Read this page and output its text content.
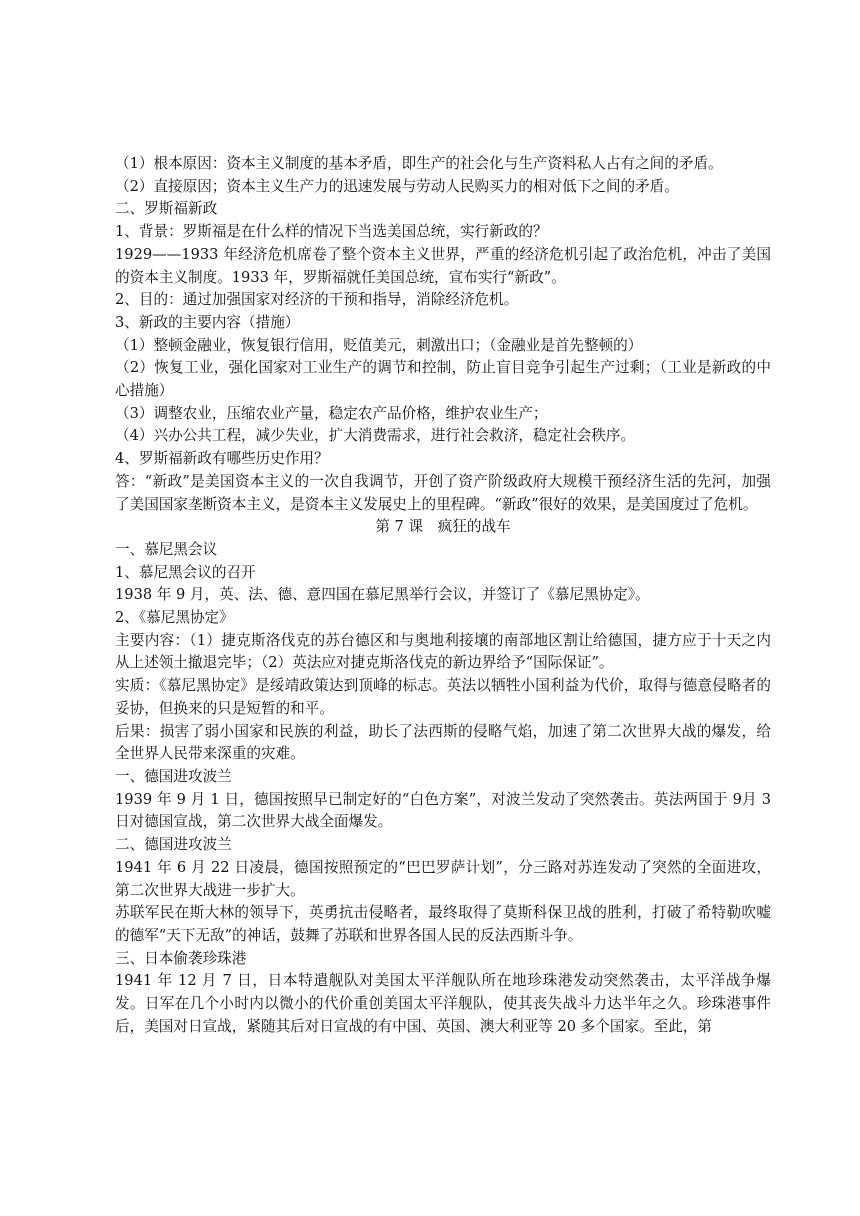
（1）根本原因：资本主义制度的基本矛盾，即生产的社会化与生产资料私人占有之间的矛盾。

（2）直接原因；资本主义生产力的迅速发展与劳动人民购买力的相对低下之间的矛盾。

二、罗斯福新政

1、背景：罗斯福是在什么样的情况下当选美国总统，实行新政的？

1929——1933 年经济危机席卷了整个资本主义世界，严重的经济危机引起了政治危机，冲击了美国的资本主义制度。1933 年，罗斯福就任美国总统，宣布实行“新政”。

2、目的：通过加强国家对经济的干预和指导，消除经济危机。

3、新政的主要内容（措施）

（1）整顿金融业，恢复银行信用，贬值美元，刺激出口；（金融业是首先整顿的）

（2）恢复工业，强化国家对工业生产的调节和控制，防止盲目竞争引起生产过剩；（工业是新政的中心措施）

（3）调整农业，压缩农业产量，稳定农产品价格，维护农业生产；

（4）兴办公共工程，减少失业，扩大消费需求，进行社会救济，稳定社会秩序。

4、罗斯福新政有哪些历史作用？

答：“新政”是美国资本主义的一次自我调节，开创了资产阶级政府大规模干预经济生活的先河，加强了美国国家垄断资本主义，是资本主义发展史上的里程碑。“新政”很好的效果，是美国度过了危机。

第 7 课　疯狂的战车

一、慕尼黑会议

1、慕尼黑会议的召开

1938 年 9 月，英、法、德、意四国在慕尼黑举行会议，并签订了《慕尼黑协定》。

2、《慕尼黑协定》

主要内容：（1）捷克斯洛伐克的苏台德区和与奥地利接壤的南部地区割让给德国，捷方应于十天之内从上述领土撤退完毕；（2）英法应对捷克斯洛伐克的新边界给予“国际保证”。

实质：《慕尼黑协定》是绥靖政策达到顶峰的标志。英法以牺牲小国利益为代价，取得与德意侵略者的妥协，但换来的只是短暂的和平。

后果：损害了弱小国家和民族的利益，助长了法西斯的侵略气焰，加速了第二次世界大战的爆发，给全世界人民带来深重的灾难。

一、德国进攻波兰

1939 年 9 月 1 日，德国按照早已制定好的“白色方案”，对波兰发动了突然袭击。英法两国于 9月 3 日对德国宣战，第二次世界大战全面爆发。

二、德国进攻波兰

1941 年 6 月 22 日凌晨，德国按照预定的“巴巴罗萨计划”，分三路对苏连发动了突然的全面进攻，第二次世界大战进一步扩大。

苏联军民在斯大林的领导下，英勇抗击侵略者，最终取得了莫斯科保卫战的胜利，打破了希特勒吹嘘的德军“天下无敌”的神话，鼓舞了苏联和世界各国人民的反法西斯斗争。

三、日本偷袭珍珠港

1941 年 12 月 7 日，日本特遣舰队对美国太平洋舰队所在地珍珠港发动突然袭击，太平洋战争爆发。日军在几个小时内以微小的代价重创美国太平洋舰队，使其丧失战斗力达半年之久。珍珠港事件后，美国对日宣战，紧随其后对日宣战的有中国、英国、澳大利亚等 20 多个国家。至此，第
